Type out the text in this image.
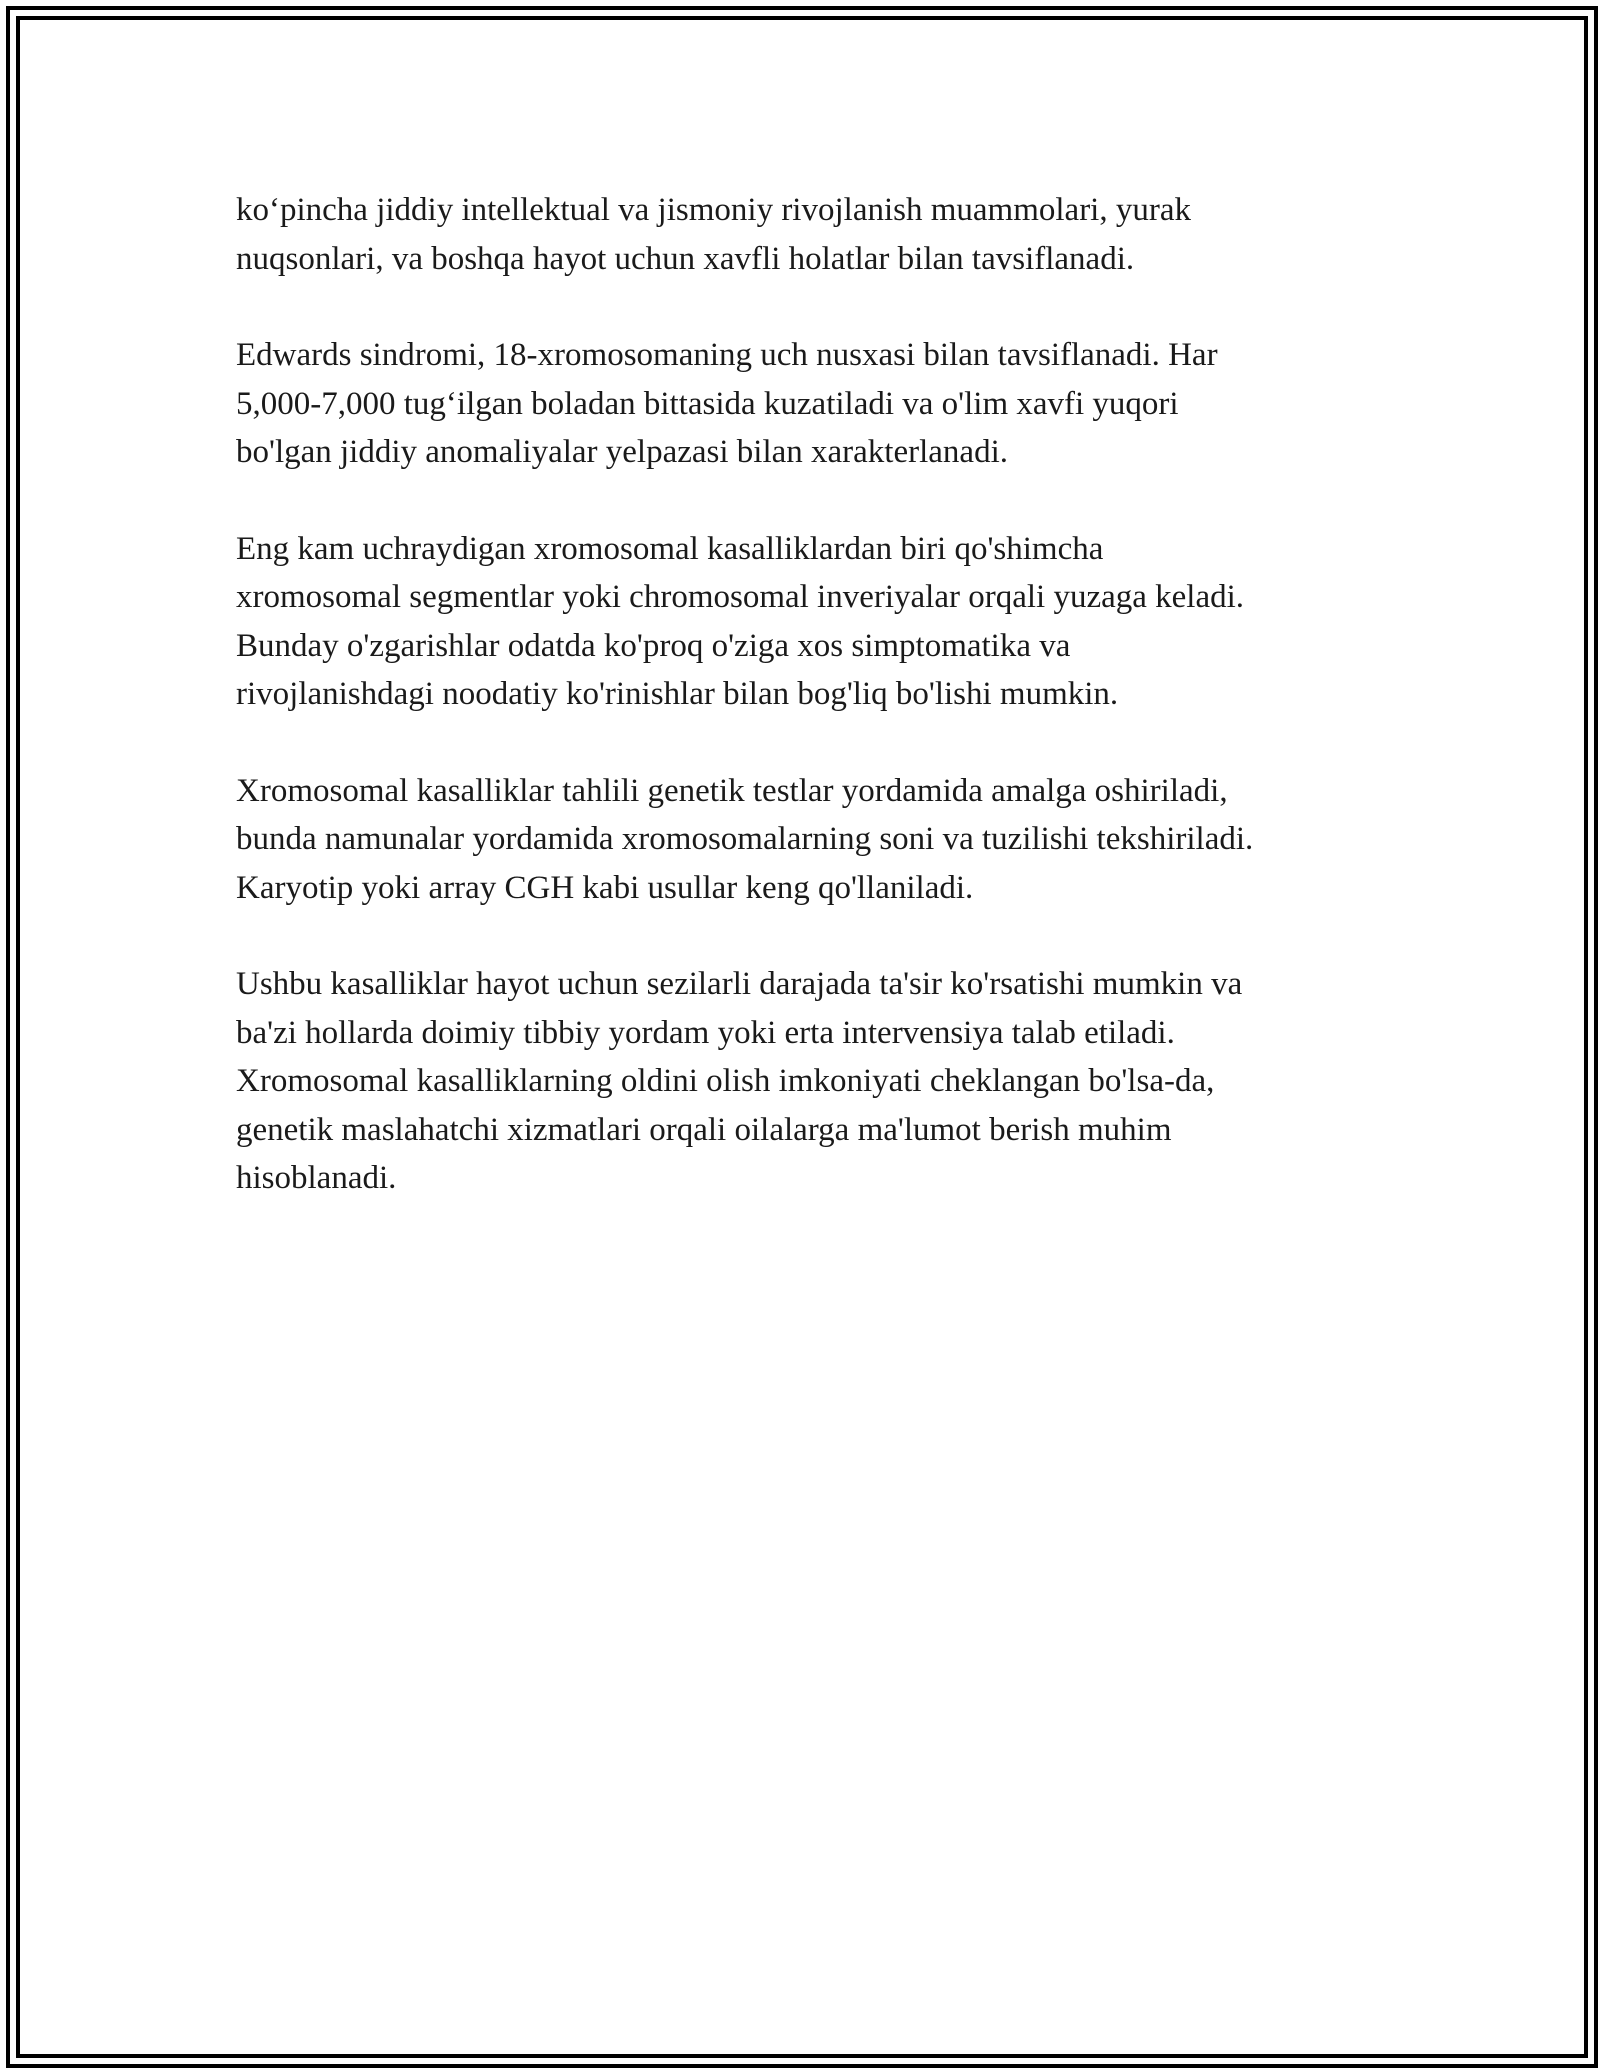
ko‘pincha jiddiy intellektual va jismoniy rivojlanish muammolari, yurak
nuqsonlari, va boshqa hayot uchun xavfli holatlar bilan tavsiflanadi.

Edwards sindromi, 18-xromosomaning uch nusxasi bilan tavsiflanadi. Har
5,000-7,000 tug‘ilgan boladan bittasida kuzatiladi va o'lim xavfi yuqori
bo'lgan jiddiy anomaliyalar yelpazasi bilan xarakterlanadi.

Eng kam uchraydigan xromosomal kasalliklardan biri qo'shimcha
xromosomal segmentlar yoki chromosomal inveriyalar orqali yuzaga keladi.
Bunday o'zgarishlar odatda ko'proq o'ziga xos simptomatika va
rivojlanishdagi noodatiy ko'rinishlar bilan bog'liq bo'lishi mumkin.

Xromosomal kasalliklar tahlili genetik testlar yordamida amalga oshiriladi,
bunda namunalar yordamida xromosomalarning soni va tuzilishi tekshiriladi.
Karyotip yoki array CGH kabi usullar keng qo'llaniladi.

Ushbu kasalliklar hayot uchun sezilarli darajada ta'sir ko'rsatishi mumkin va
ba'zi hollarda doimiy tibbiy yordam yoki erta intervensiya talab etiladi.
Xromosomal kasalliklarning oldini olish imkoniyati cheklangan bo'lsa-da,
genetik maslahatchi xizmatlari orqali oilalarga ma'lumot berish muhim
hisoblanadi.
